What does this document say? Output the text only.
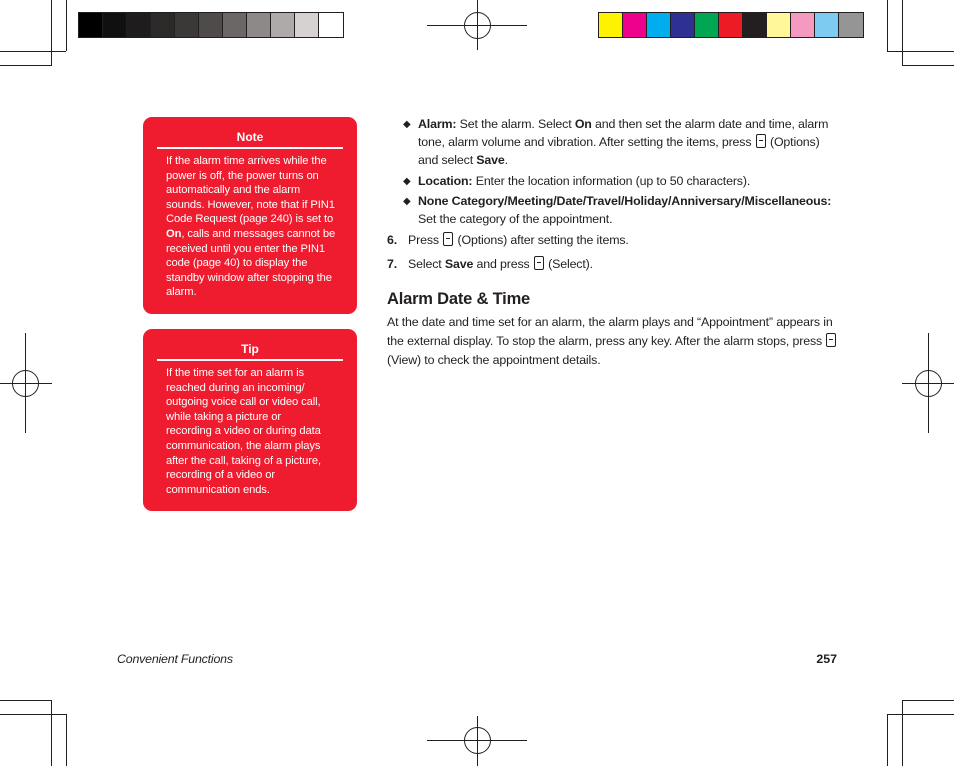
Note
If the alarm time arrives while the power is off, the power turns on automatically and the alarm sounds. However, note that if PIN1 Code Request (page 240) is set to On, calls and messages cannot be received until you enter the PIN1 code (page 40) to display the standby window after stopping the alarm.
Tip
If the time set for an alarm is reached during an incoming/ outgoing voice call or video call, while taking a picture or recording a video or during data communication, the alarm plays after the call, taking of a picture, recording of a video or communication ends.
◆ Alarm: Set the alarm. Select On and then set the alarm date and time, alarm tone, alarm volume and vibration. After setting the items, press  (Options) and select Save.
◆ Location: Enter the location information (up to 50 characters).
◆ None Category/Meeting/Date/Travel/Holiday/Anniversary/Miscellaneous:
Set the category of the appointment.
6. Press  (Options) after setting the items.
7. Select Save and press  (Select).
At the date and time set for an alarm, the alarm plays and “Appointment” appears in the external display. To stop the alarm, press any key. After the alarm stops, press  (View) to check the appointment details.
Alarm Date & Time
Convenient Functions	257
